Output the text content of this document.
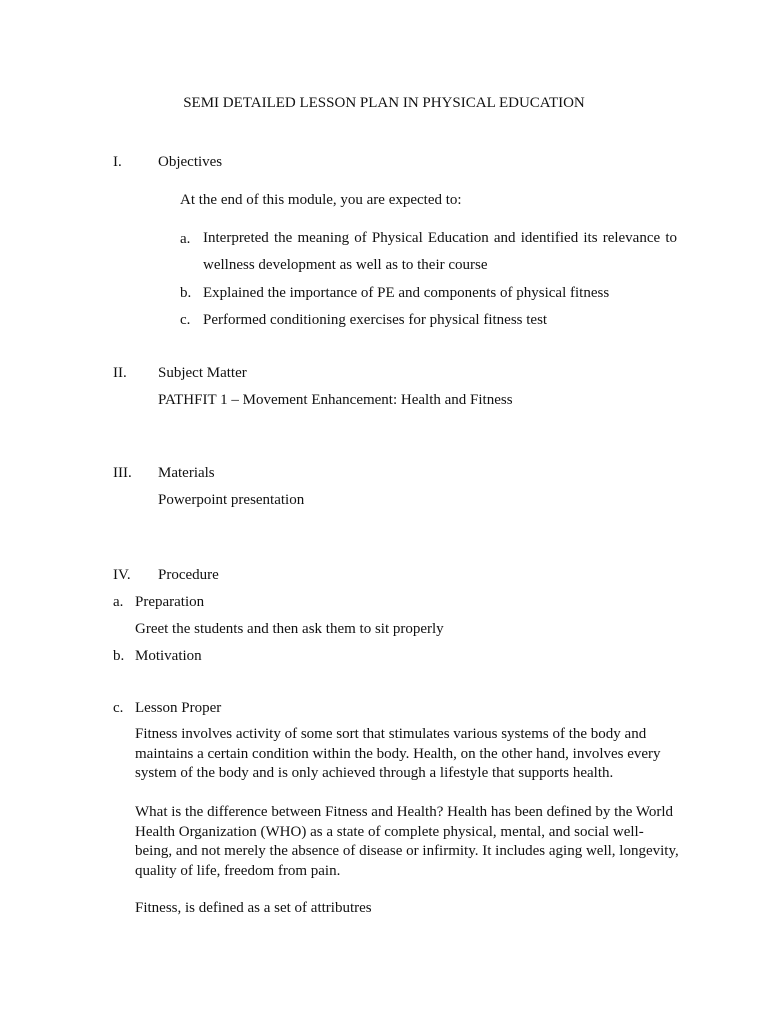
SEMI DETAILED LESSON PLAN IN PHYSICAL EDUCATION
I. Objectives
At the end of this module, you are expected to:
a. Interpreted the meaning of Physical Education and identified its relevance to wellness development as well as to their course
b. Explained the importance of PE and components of physical fitness
c. Performed conditioning exercises for physical fitness test
II. Subject Matter
PATHFIT 1 – Movement Enhancement: Health and Fitness
III. Materials
Powerpoint presentation
IV. Procedure
a. Preparation
Greet the students and then ask them to sit properly
b. Motivation
c. Lesson Proper
Fitness involves activity of some sort that stimulates various systems of the body and maintains a certain condition within the body. Health, on the other hand, involves every system of the body and is only achieved through a lifestyle that supports health.
What is the difference between Fitness and Health? Health has been defined by the World Health Organization (WHO) as a state of complete physical, mental, and social well-being, and not merely the absence of disease or infirmity. It includes aging well, longevity, quality of life, freedom from pain.
Fitness, is defined as a set of attributres
